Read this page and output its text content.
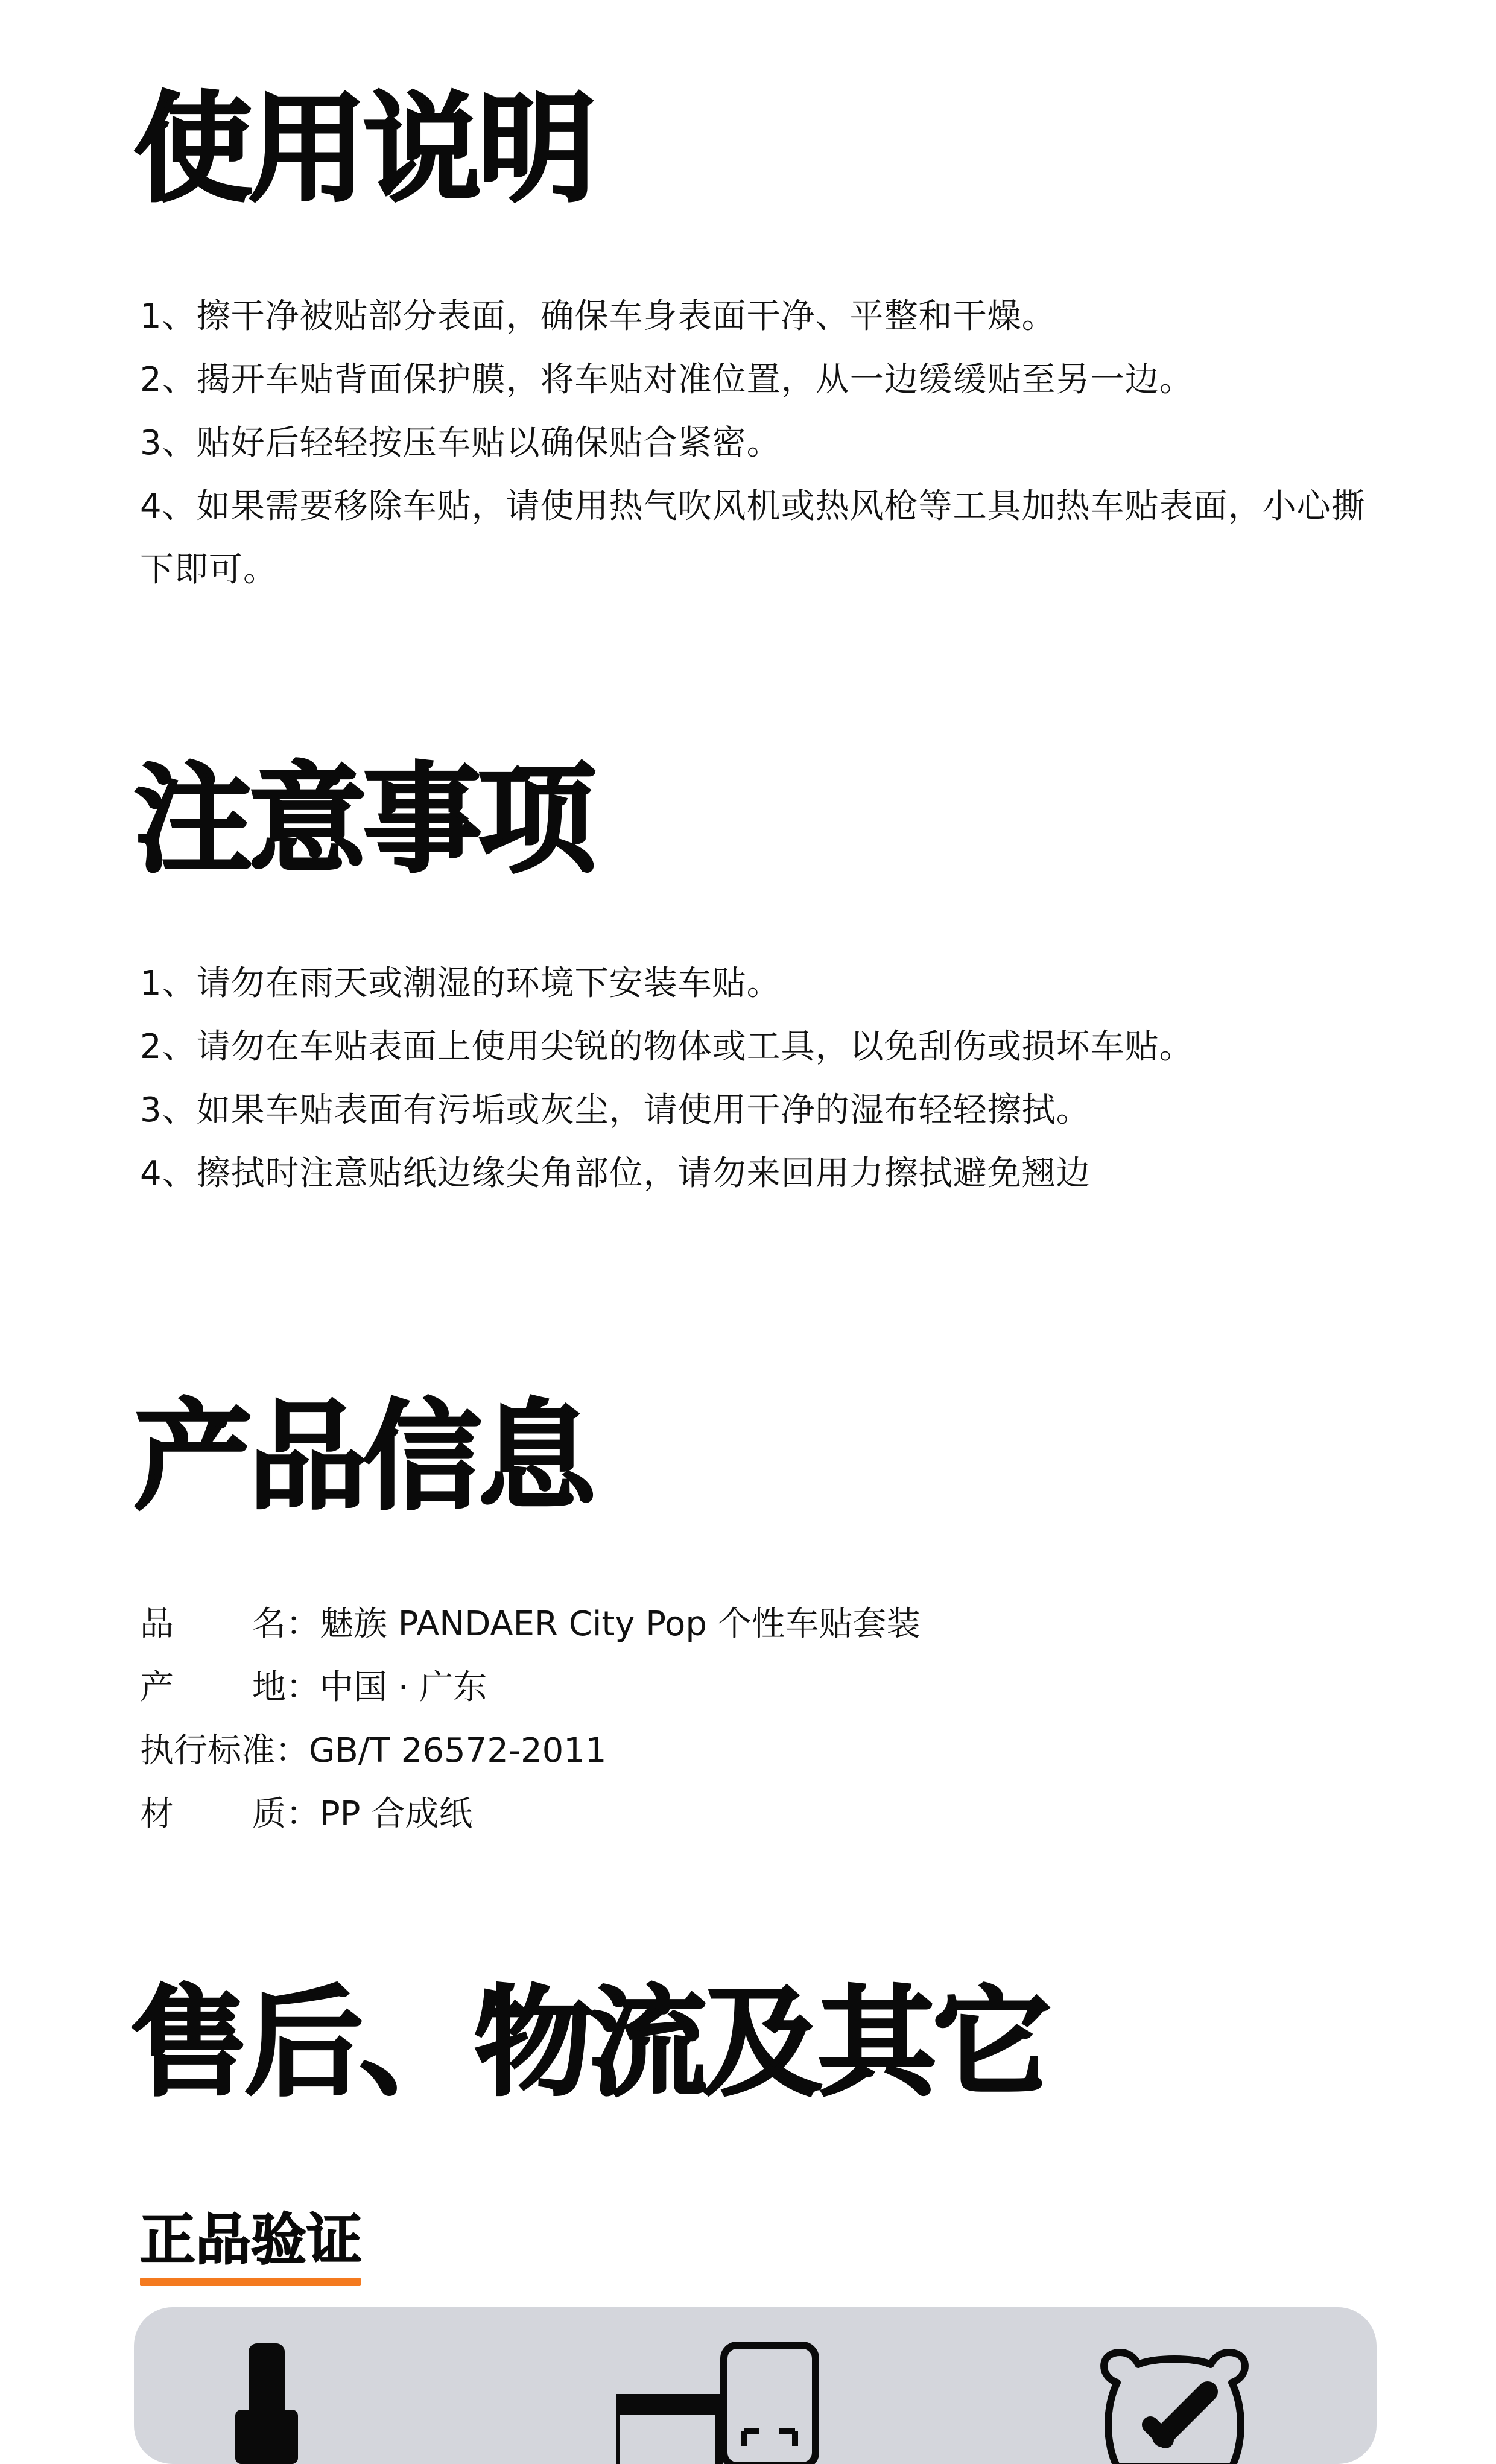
使用说明
1、擦干净被贴部分表面，确保车身表面干净、平整和干燥。
2、揭开车贴背面保护膜，将车贴对准位置，从一边缓缓贴至另一边。
3、贴好后轻轻按压车贴以确保贴合紧密。
4、如果需要移除车贴，请使用热气吹风机或热风枪等工具加热车贴表面，小心撕下即可。
注意事项
1、请勿在雨天或潮湿的环境下安装车贴。
2、请勿在车贴表面上使用尖锐的物体或工具，以免刮伤或损坏车贴。
3、如果车贴表面有污垢或灰尘，请使用干净的湿布轻轻擦拭。
4、擦拭时注意贴纸边缘尖角部位，请勿来回用力擦拭避免翘边
产品信息
品 名： 魅族 PANDAER City Pop 个性车贴套装
产 地： 中国 · 广东
执行标准： GB/T 26572-2011
材 质： PP 合成纸
售后、物流及其它
正品验证
